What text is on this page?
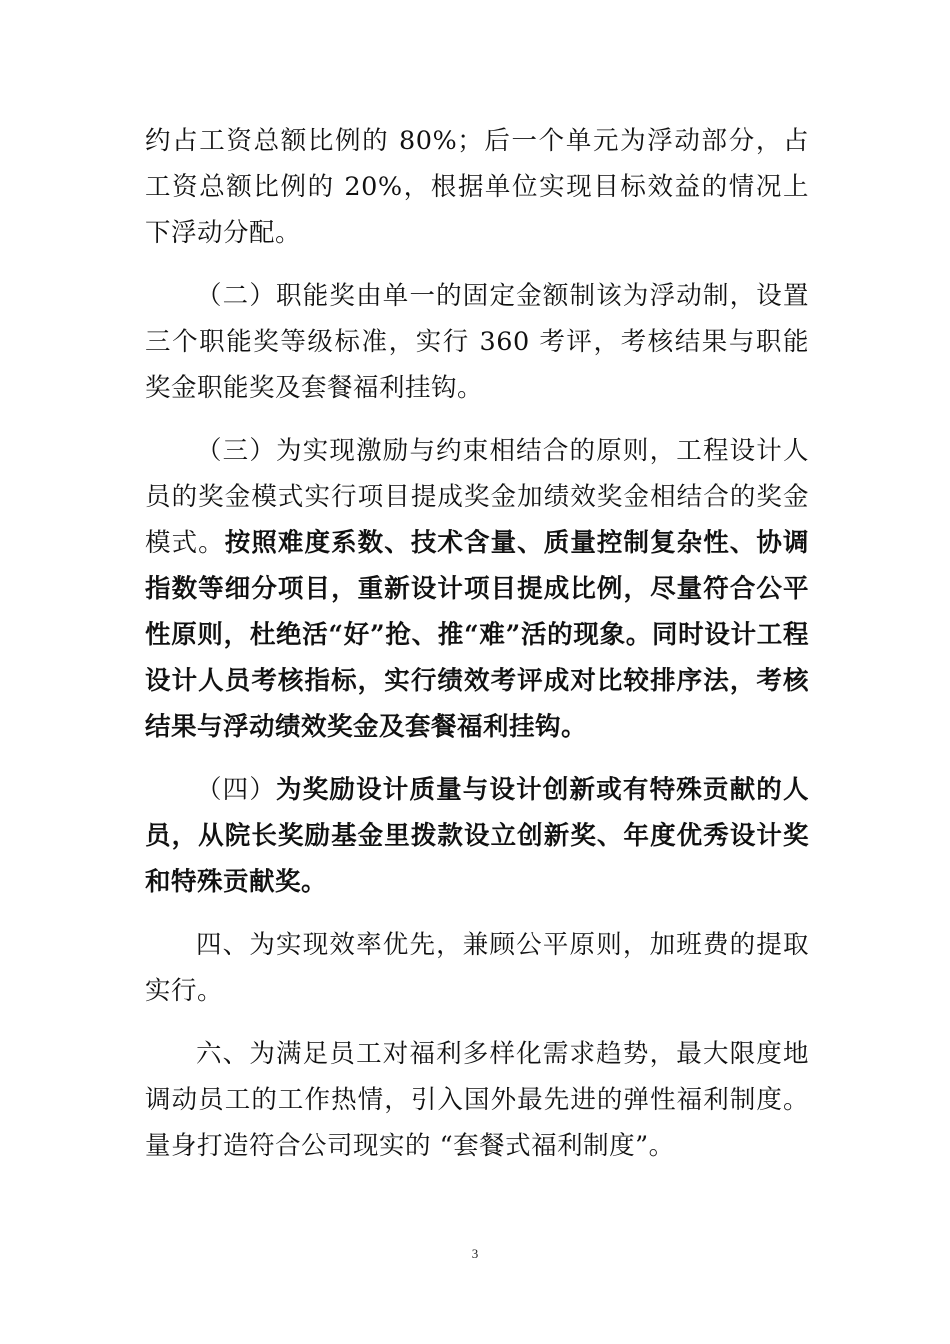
约占工资总额比例的 80%；后一个单元为浮动部分，占工资总额比例的 20%，根据单位实现目标效益的情况上下浮动分配。

（二）职能奖由单一的固定金额制该为浮动制，设置三个职能奖等级标准，实行 360 考评，考核结果与职能奖金职能奖及套餐福利挂钩。

（三）为实现激励与约束相结合的原则，工程设计人员的奖金模式实行项目提成奖金加绩效奖金相结合的奖金模式。按照难度系数、技术含量、质量控制复杂性、协调指数等细分项目，重新设计项目提成比例，尽量符合公平性原则，杜绝活“好”抢、推“难”活的现象。同时设计工程设计人员考核指标，实行绩效考评成对比较排序法，考核结果与浮动绩效奖金及套餐福利挂钩。

（四）为奖励设计质量与设计创新或有特殊贡献的人员，从院长奖励基金里拨款设立创新奖、年度优秀设计奖和特殊贡献奖。

四、为实现效率优先，兼顾公平原则，加班费的提取实行。

六、为满足员工对福利多样化需求趋势，最大限度地调动员工的工作热情，引入国外最先进的弹性福利制度。量身打造符合公司现实的 “套餐式福利制度”。

3
